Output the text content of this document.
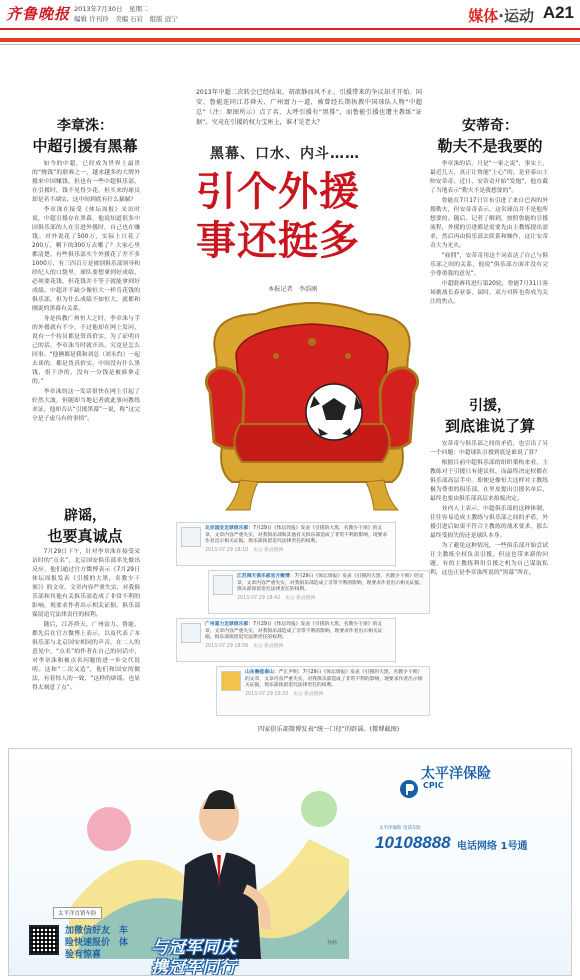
齐鲁晚报 2013年7月30日　星期二
编辑 许刊玲　美编 石岩　组版 远宁	媒体·运动 A21
李章洙：
中超引援有黑幕

如今的中超，已经成为世界上最贵的“烧钱”的联赛之一，越来越多的大牌外援来中国赚钱，但也有一些中超俱乐部，在引援时，钱不见得少花，但买来的球员却是名不副实，这中间到底有什么猫腻？

李章洙在接受《体坛周报》采访时说，中超引援存在黑幕，他说知道很多中国俱乐部的人在引进外援时，自己也在赚钱。对外说花了500万，实际上只花了200万，剩下的300万去哪了？大家心里都清楚，有些俱乐部买个外援花了差不多1000万，有三四百万是被别俱乐部领导和经纪人的口袋里，球队要想拿到好成绩，必须要花钱，但花钱并不等于就能拿到好成绩。中超并不缺少像恒大一样肯花钱的俱乐部，但为什么成绩不如恒大，就都和刚说的黑幕有关系。

身是执教广州恒大之时，李章洙与手的外援就有不少，不过他却在网上发问，说有一个持员都是资真价实，为了证明自己的话，李章洙当时就开出，究竟是怎么回事。“他俩都是我和刘总（刘永灼）一起去谈的，都是货真价实，中间没有什么黑钱，很干净的，没有一分钱是被谁拿走的。”

李章洙的这一发话很快在网上引起了轩然大波，但随即当地记者就此事向教练求证，他却否认“引援黑幕”一说，称“这完全是子虚乌有的事情”。

辟谣，
也要真诚点

7月29日下午，针对李章洙在接受采访时的“点名”，北京国安俱乐部率先做出反应，他们通过官方微博表示《7月29日体坛周报发表《引援的大黑，名教少干预》》的文章，文章内容严重失实，对我俱乐部和其他有关俱乐部造成了非常不利的影响，现要求作者出示相关证据。俱乐部保留追究法律责任的权利。

随后，江苏舜天、广州富力、鲁能，都先后在官方微博上表示，以及代表了本俱乐部与北京国安相同的声音，在二人的意见中，“点名”的作者在自己的问话中，对李章洙和被点名问题的进一步交代说明。这和“二次又造”，他们和国安的做法，有着惊人的一致，“这样的辟谣，也显得太刻意了点”。

2013年中超二次转会已经结束，胡欲静而风不止，引援带来的争议却才开始。国安、鲁能连同江苏舜天、广州富力一道，被曾经长期执教中国球队人物“中超总”（注：原图所示）点了名，大呼引援有“黑幕”，而鲁能引援也遭主教练“证据”。究竟在引援的权力宝座上，谁才是老大？
黑幕、口水、内斗……
引个外援
事还挺多
本报记者　李浩刚
北京国安足球俱乐部：7月29日《体坛周报》发表《引援的大黑，名教少干预》的文章，文章内容严重失实，对我俱乐部和其他有关俱乐部造成了非常不利的影响，现要求作者出示相关证据。俱乐部保留追究法律责任的权利。
2013-07-29 18:10　来自 新浪微博
江苏舜天俱乐部官方微博：7月29日《体坛周报》发表《引援的大黑，名教少干预》的文章，文章内容严重失实，对我俱乐部造成了非常不利的影响，现要求作者出示相关证据，俱乐部保留追究法律责任的权利。
2013-07-29 18:42　来自 新浪微博
广州富力足球俱乐部：7月29日《体坛周报》发表《引援的大黑，名教少干预》的文章，文章内容严重失实，对我俱乐部造成了非常不利的影响，现要求作者出示相关证据，俱乐部保留追究法律责任的权利。
2013-07-29 18:56　来自 新浪微博
山东鲁能泰山：严正声明：7月29日《体坛周报》发表《引援的大黑，名教少干预》的文章，文章内容严重失实，对我俱乐部造成了非常不利的影响，现要求作者出示相关证据，俱乐部保留追究法律责任的权利。
2013-07-29 19:33　来自 新浪微博
四家俱乐部微博发表“统一口径”的辟谣。(微博截图)
安蒂奇：
勒夫不是我要的

李章洙的话，只是“一家之说”，事实上，最近几天，真正让鲁能“上心”的，是亚泰山主帅安蒂奇。近日，安蒂奇开始“发炮”，他直截了当地表示“勒夫不是我想要的”。

鲁能在7月17日宣布引进了来自巴西的外援勒夫，但安蒂奇表示，这名球员并不是他所想要的。随后，记者了解到，按照鲁能的引援流程，外援的引进都是需要先由主教练提出需求，然后再由俱乐部去联系和操作，这让安蒂奇大为光火。

“雇佣”，安蒂奇用这个词表达了自己与俱乐部之间的关系，他说“俱乐部方面并没有完全尊重我的意见”。

中超联赛将进行第20轮，鲁能7月31日客场挑战长春亚泰，届时，双方对阵也将成为关注的焦点。

引援，
到底谁说了算

安蒂奇与俱乐部之间的矛盾，也引出了另一个问题：中超球队引援到底是谁说了算？

根据目前中超俱乐部的组织架构来看，主教练对于引援只有建议权，而最终决定权都在俱乐部高层手中。即便是像恒大这样对主教练极为尊重的俱乐部，在里皮提出引援名单后，最终也要由俱乐部高层来拍板决定。

业内人士表示，中超俱乐部的这种体制，往往容易造成主教练与俱乐部之间的矛盾，外援引进后如果不符合主教练的战术要求，那么最终受损失的还是球队本身。

为了避免这种情况，一些俱乐部开始尝试让主教练全权负责引援，但这也带来新的问题，有的主教练利用引援之机为自己谋取私利，这也正是李章洙所说的“黑幕”所在。

太平洋保险
CPIC
太平洋保险 电话车险
10108888 电话网络 1号通
与冠军同庆
携冠军同行
太平洋直销车险
加微信好友　车险快速报价　体验有惊喜
孙杨
